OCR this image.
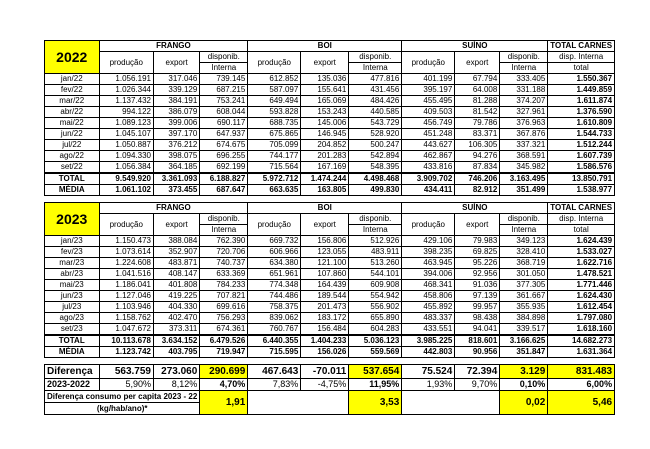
2022	FRANGO			BOI			SUÍNO			TOTAL CARNES
	produção	export	disponib.	produção	export	disponib.	produção	export	disponib.	disp. Interna
			Interna			Interna			Interna	total
jan/22	1.056.191	317.046	739.145	612.852	135.036	477.816	401.199	67.794	333.405	1.550.367
fev/22	1.026.344	339.129	687.215	587.097	155.641	431.456	395.197	64.008	331.188	1.449.859
mar/22	1.137.432	384.191	753.241	649.494	165.069	484.426	455.495	81.288	374.207	1.611.874
abr/22	994.122	386.079	608.044	593.828	153.243	440.585	409.503	81.542	327.961	1.376.590
mai/22	1.089.123	399.006	690.117	688.735	145.006	543.729	456.749	79.786	376.963	1.610.809
jun/22	1.045.107	397.170	647.937	675.865	146.945	528.920	451.248	83.371	367.876	1.544.733
jul/22	1.050.887	376.212	674.675	705.099	204.852	500.247	443.627	106.305	337.321	1.512.244
ago/22	1.094.330	398.075	696.255	744.177	201.283	542.894	462.867	94.276	368.591	1.607.739
set/22	1.056.384	364.185	692.199	715.564	167.169	548.395	433.816	87.834	345.982	1.586.576
TOTAL	9.549.920	3.361.093	6.188.827	5.972.712	1.474.244	4.498.468	3.909.702	746.206	3.163.495	13.850.791
MÉDIA	1.061.102	373.455	687.647	663.635	163.805	499.830	434.411	82.912	351.499	1.538.977

2023	FRANGO			BOI			SUÍNO			TOTAL CARNES
	produção	export	disponib.	produção	export	disponib.	produção	export	disponib.	disp. Interna
			Interna			Interna			Interna	total
jan/23	1.150.473	388.084	762.390	669.732	156.806	512.926	429.106	79.983	349.123	1.624.439
fev/23	1.073.614	352.907	720.706	606.966	123.055	483.911	398.235	69.825	328.410	1.533.027
mar/23	1.224.608	483.871	740.737	634.380	121.100	513.260	463.945	95.226	368.719	1.622.716
abr/23	1.041.516	408.147	633.369	651.961	107.860	544.101	394.006	92.956	301.050	1.478.521
mai/23	1.186.041	401.808	784.233	774.348	164.439	609.908	468.341	91.036	377.305	1.771.446
jun/23	1.127.046	419.225	707.821	744.486	189.544	554.942	458.806	97.139	361.667	1.624.430
jul/23	1.103.946	404.330	699.616	758.375	201.473	556.902	455.892	99.957	355.935	1.612.454
ago/23	1.158.762	402.470	756.293	839.062	183.172	655.890	483.337	98.438	384.898	1.797.080
set/23	1.047.672	373.311	674.361	760.767	156.484	604.283	433.551	94.041	339.517	1.618.160
TOTAL	10.113.678	3.634.152	6.479.526	6.440.355	1.404.233	5.036.123	3.985.225	818.601	3.166.625	14.682.273
MÉDIA	1.123.742	403.795	719.947	715.595	156.026	559.569	442.803	90.956	351.847	1.631.364

Diferença	563.759	273.060	290.699	467.643	-70.011	537.654	75.524	72.394	3.129	831.483
2023-2022	5,90%	8,12%	4,70%	7,83%	-4,75%	11,95%	1,93%	9,70%	0,10%	6,00%
Diferença consumo per capita 2023 - 22			1,91			3,53			0,02	5,46
(kg/hab/ano)*										
